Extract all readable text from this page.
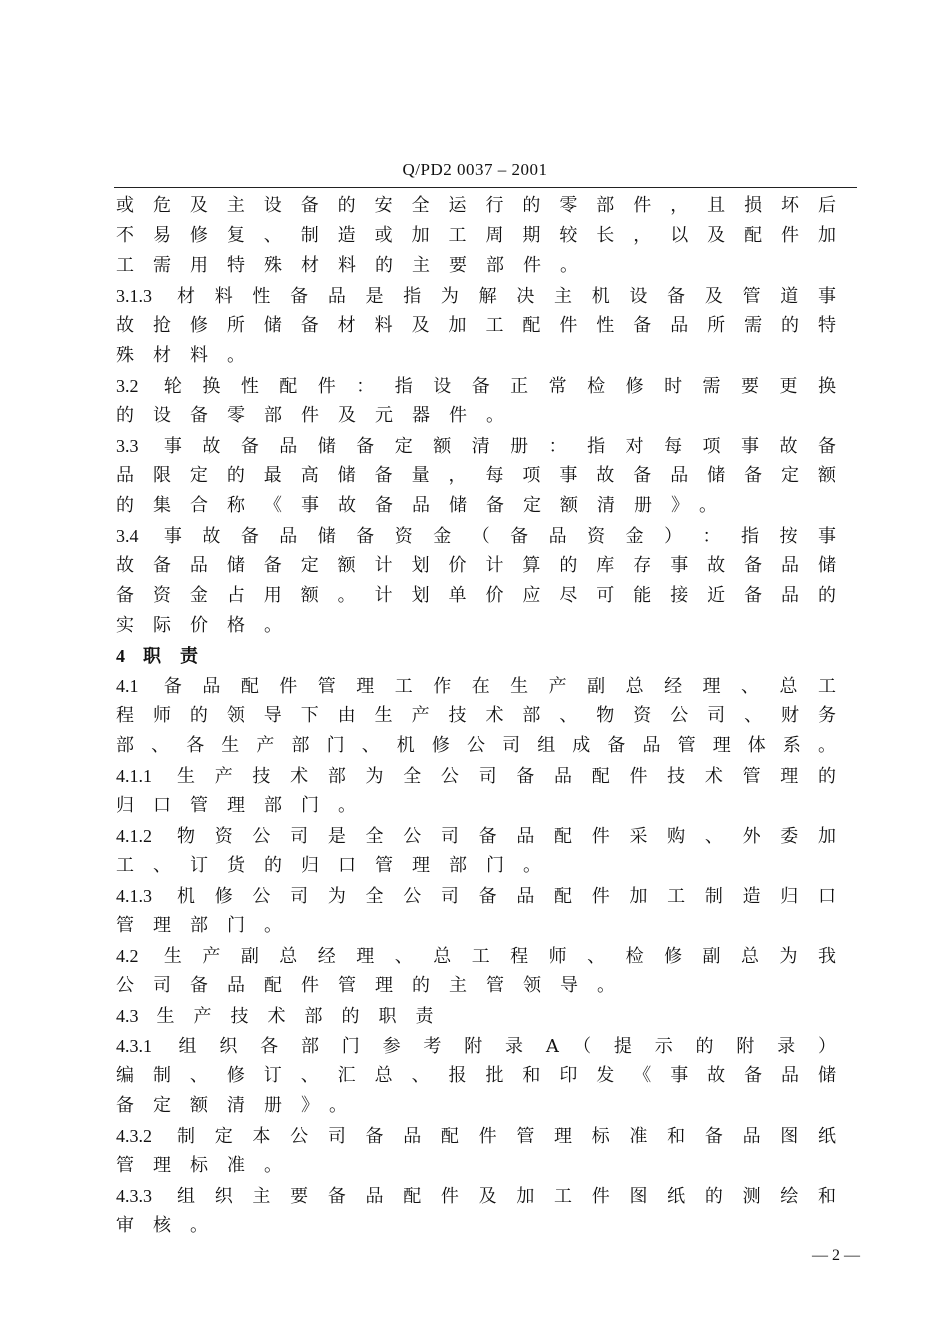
Q/PD2 0037 – 2001
或 危 及 主 设 备 的 安 全 运 行 的 零 部 件 ， 且 损 坏 后
不 易 修 复 、 制 造 或 加 工 周 期 较 长 ， 以 及 配 件 加
工需用特殊材料的主要部件。
3.1.3 材 料 性 备 品 是 指 为 解 决 主 机 设 备 及 管 道 事
故 抢 修 所 储 备 材 料 及 加 工 配 件 性 备 品 所 需 的 特
殊材料。
3.2 轮 换 性 配 件 ： 指 设 备 正 常 检 修 时 需 要 更 换
的设备零部件及元器件。
3.3 事 故 备 品 储 备 定 额 清 册 ： 指 对 每 项 事 故 备
品 限 定 的 最 高 储 备 量 ， 每 项 事 故 备 品 储 备 定 额
的集合称《事故备品储备定额清册》。
3.4 事 故 备 品 储 备 资 金 （ 备 品 资 金 ） ： 指 按 事
故 备 品 储 备 定 额 计 划 价 计 算 的 库 存 事 故 备 品 储
备 资 金 占 用 额 。 计 划 单 价 应 尽 可 能 接 近 备 品 的
实际价格。
4 职责
4.1 备 品 配 件 管 理 工 作 在 生 产 副 总 经 理 、 总 工
程 师 的 领 导 下 由 生 产 技 术 部 、 物 资 公 司 、 财 务
部 、 各 生 产 部 门 、 机 修 公 司 组 成 备 品 管 理 体 系 。
4.1.1 生 产 技 术 部 为 全 公 司 备 品 配 件 技 术 管 理 的
归口管理部门。
4.1.2 物 资 公 司 是 全 公 司 备 品 配 件 采 购 、 外 委 加
工、订货的归口管理部门。
4.1.3 机 修 公 司 为 全 公 司 备 品 配 件 加 工 制 造 归 口
管理部门。
4.2 生 产 副 总 经 理 、 总 工 程 师 、 检 修 副 总 为 我
公司备品配件管理的主管领导。
4.3 生产技术部的职责
4.3.1 组 织 各 部 门 参 考 附 录 A （ 提 示 的 附 录 ）
编 制 、 修 订 、 汇 总 、 报 批 和 印 发 《 事 故 备 品 储
备定额清册》。
4.3.2 制 定 本 公 司 备 品 配 件 管 理 标 准 和 备 品 图 纸
管理标准。
4.3.3 组 织 主 要 备 品 配 件 及 加 工 件 图 纸 的 测 绘 和
审核。
— 2 —
